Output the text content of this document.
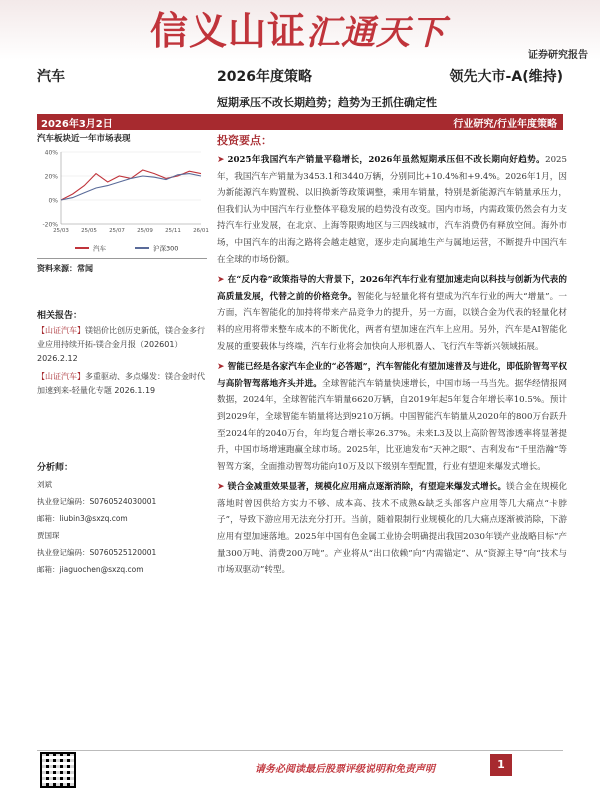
信义山证汇通天下
证券研究报告
汽车	2026年度策略	领先大市-A(维持)
短期承压不改长期趋势；趋势为王抓住确定性
2026年3月2日	行业研究/行业年度策略
汽车板块近一年市场表现
40%
20%
0%
-20%
25/03 25/05 25/07 25/09 25/11 26/01
汽车	沪深300
资料来源：常闻
相关报告：

【山证汽车】镁铝价比创历史新低，镁合金多行业应用持续开拓-镁合金月报（202601） 2026.2.12

【山证汽车】多重驱动、多点爆发：镁合金时代加速到来-轻量化专题 2026.1.19

分析师：
刘斌
执业登记编码：S0760524030001
邮箱：liubin3@sxzq.com
贾国琛
执业登记编码：S0760525120001
邮箱：jiaguochen@sxzq.com
投资要点：
➤ 2025年我国汽车产销量平稳增长，2026年虽然短期承压但不改长期向好趋势。2025年，我国汽车产销量为3453.1和3440万辆，分别同比+10.4%和+9.4%。2026年1月，因为新能源汽车购置税、以旧换新等政策调整，乘用车销量，特别是新能源汽车销量承压力，但我们认为中国汽车行业整体平稳发展的趋势没有改变。国内市场，内需政策仍然会有力支持汽车行业发展，在北京、上海等限购地区与三四线城市，汽车消费仍有释放空间。海外市场，中国汽车的出海之路将会越走越宽，逐步走向属地生产与属地运营，不断提升中国汽车在全球的市场份额。
➤ 在“反内卷”政策指导的大背景下，2026年汽车行业有望加速走向以科技与创新为代表的高质量发展，代替之前的价格竞争。智能化与轻量化将有望成为汽车行业的两大“增量”。一方面，汽车智能化的加持将带来产品竞争力的提升，另一方面，以镁合金为代表的轻量化材料的应用将带来整车成本的不断优化，两者有望加速在汽车上应用。另外，汽车是AI智能化发展的重要载体与终端，汽车行业将会加快向人形机器人、飞行汽车等新兴领域拓展。
➤ 智能已经是各家汽车企业的“必答题”，汽车智能化有望加速普及与进化，即低阶智驾平权与高阶智驾落地齐头并进。全球智能汽车销量快速增长，中国市场一马当先。据华经情报网数据，2024年，全球智能汽车销量6620万辆，自2019年起5年复合年增长率10.5%。预计到2029年，全球智能车销量将达到9210万辆。中国智能汽车销量从2020年的800万台跃升至2024年的2040万台，年均复合增长率26.37%。未来L3及以上高阶智驾渗透率将显著提升，中国市场增速跑赢全球市场。2025年，比亚迪发布“天神之眼”、吉利发布“千里浩瀚”等智驾方案，全面推动智驾功能向10万及以下级别车型配置，行业有望迎来爆发式增长。
➤ 镁合金减重效果显著，规模化应用痛点逐渐消除，有望迎来爆发式增长。镁合金在规模化落地时曾因供给方实力不够、成本高、技术不成熟&缺乏头部客户应用等几大痛点“卡脖子”，导致下游应用无法充分打开。当前，随着限制行业规模化的几大痛点逐渐被消除，下游应用有望加速落地。2025年中国有色金属工业协会明确提出我国2030年镁产业战略目标“产量300万吨、消费200万吨”。产业将从“出口依赖”向“内需锚定”、从“资源主导”向“技术与市场双驱动”转型。
请务必阅读最后股票评级说明和免责声明	1
